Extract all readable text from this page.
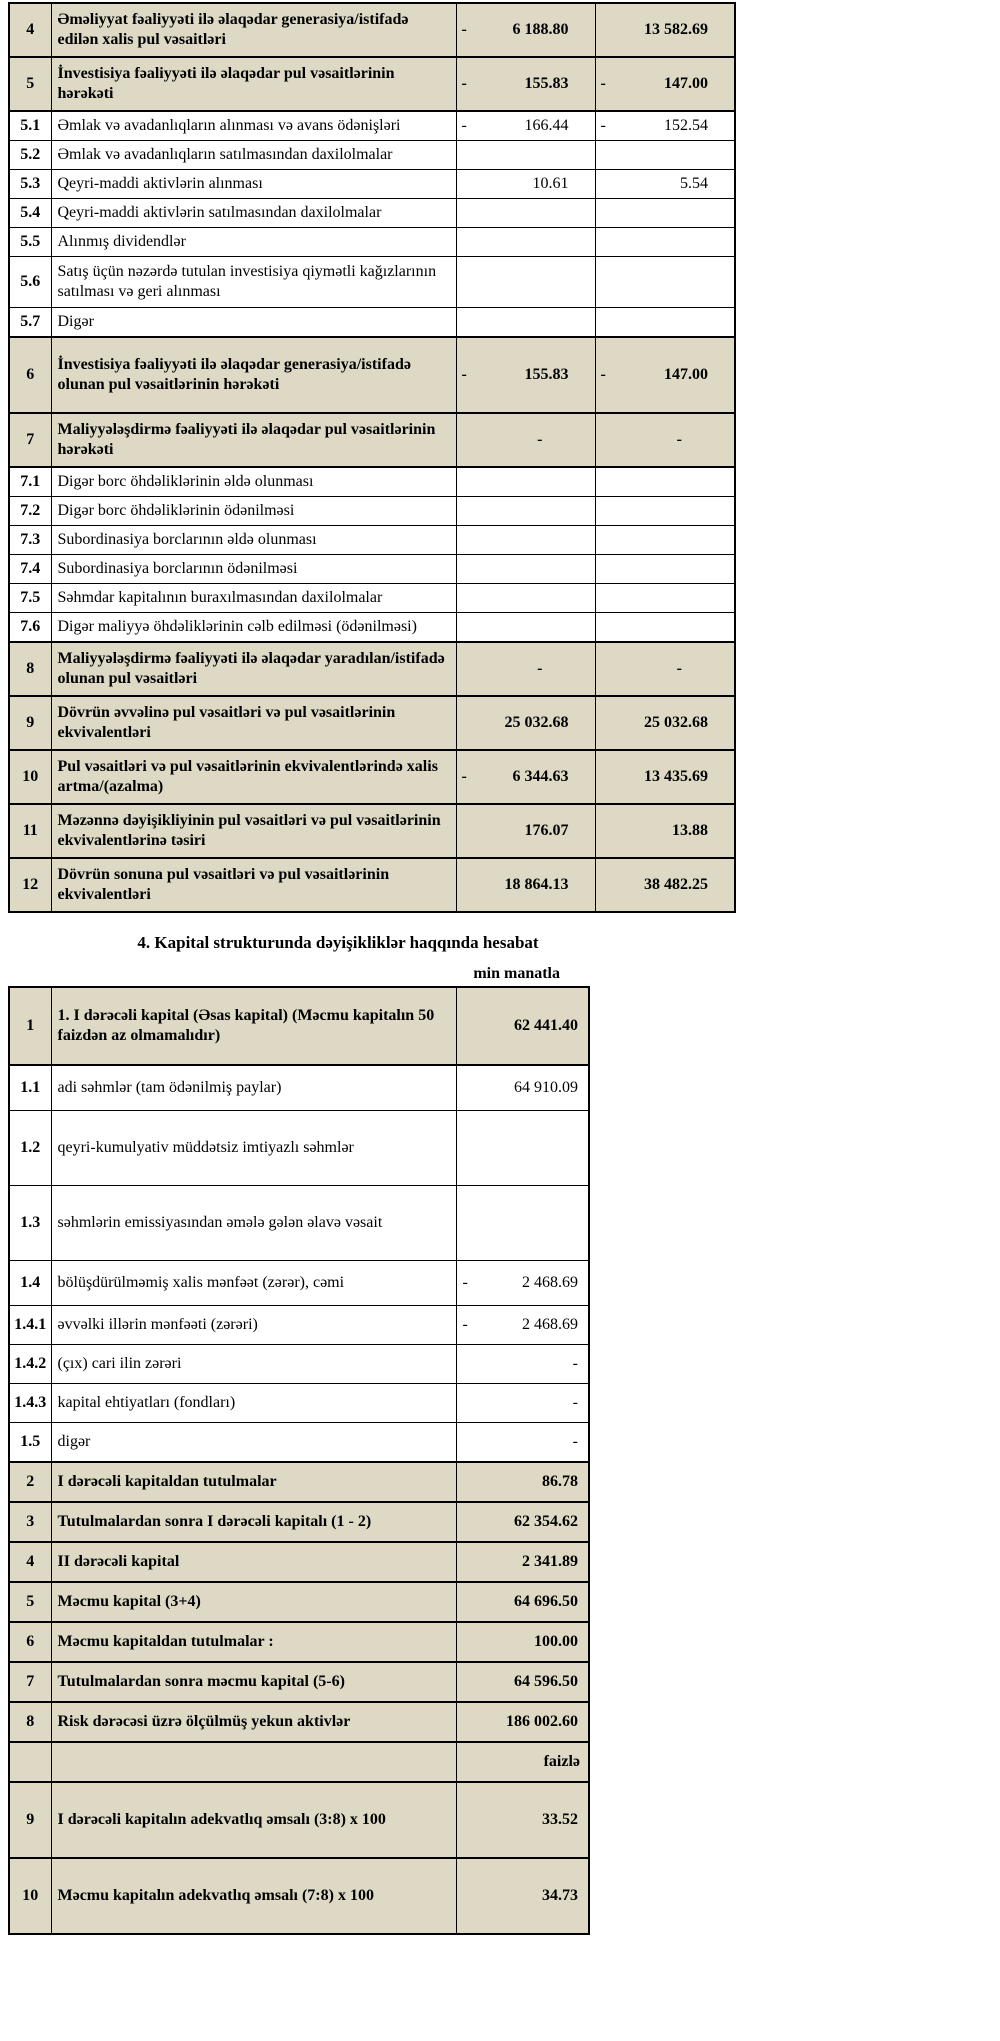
4	Əməliyyat fəaliyyəti ilə əlaqədar generasiya/istifadə edilən xalis pul vəsaitləri	- 6 188.80	13 582.69

5	İnvestisiya fəaliyyəti ilə əlaqədar pul vəsaitlərinin hərəkəti	- 155.83	- 147.00

5.1	Əmlak və avadanlıqların alınması və avans ödənişləri	- 166.44	- 152.54

5.2	Əmlak və avadanlıqların satılmasından daxilolmalar	

5.3	Qeyri-maddi aktivlərin alınması	10.61	5.54

5.4	Qeyri-maddi aktivlərin satılmasından daxilolmalar	

5.5	Alınmış dividendlər	

5.6	Satış üçün nəzərdə tutulan investisiya qiymətli kağızlarının satılması və geri alınması	

5.7	Digər	

6	İnvestisiya fəaliyyəti ilə əlaqədar generasiya/istifadə olunan pul vəsaitlərinin hərəkəti	- 155.83	- 147.00

7	Maliyyələşdirmə fəaliyyəti ilə əlaqədar pul vəsaitlərinin hərəkəti	-	-

7.1	Digər borc öhdəliklərinin əldə olunması	

7.2	Digər borc öhdəliklərinin ödənilməsi	

7.3	Subordinasiya borclarının əldə olunması	

7.4	Subordinasiya borclarının ödənilməsi	

7.5	Səhmdar kapitalının buraxılmasından daxilolmalar	

7.6	Digər maliyyə öhdəliklərinin cəlb edilməsi (ödənilməsi)	

8	Maliyyələşdirmə fəaliyyəti ilə əlaqədar yaradılan/istifadə olunan pul vəsaitləri	-	-

9	Dövrün əvvəlinə pul vəsaitləri və pul vəsaitlərinin ekvivalentləri	25 032.68	25 032.68

10	Pul vəsaitləri və pul vəsaitlərinin ekvivalentlərində xalis artma/(azalma)	- 6 344.63	13 435.69

11	Məzənnə dəyişikliyinin pul vəsaitləri və pul vəsaitlərinin ekvivalentlərinə təsiri	176.07	13.88

12	Dövrün sonuna pul vəsaitləri və pul vəsaitlərinin ekvivalentləri	18 864.13	38 482.25
4. Kapital strukturunda dəyişikliklər haqqında hesabat
min manatla
1	1. I dərəcəli kapital (Əsas kapital) (Məcmu kapitalın 50 faizdən az olmamalıdır)	62 441.40

1.1	adi səhmlər (tam ödənilmiş paylar)	64 910.09

1.2	qeyri-kumulyativ müddətsiz imtiyazlı səhmlər	

1.3	səhmlərin emissiyasından əmələ gələn əlavə vəsait	

1.4	bölüşdürülməmiş xalis mənfəət (zərər), cəmi	- 2 468.69

1.4.1	əvvəlki illərin mənfəəti (zərəri)	- 2 468.69

1.4.2	(çıx) cari ilin zərəri	-

1.4.3	kapital ehtiyatları (fondları)	-

1.5	digər	-

2	I dərəcəli kapitaldan tutulmalar	86.78

3	Tutulmalardan sonra I dərəcəli kapitalı (1 - 2)	62 354.62

4	II dərəcəli kapital	2 341.89

5	Məcmu kapital (3+4)	64 696.50

6	Məcmu kapitaldan tutulmalar :	100.00

7	Tutulmalardan sonra məcmu kapital (5-6)	64 596.50

8	Risk dərəcəsi üzrə ölçülmüş yekun aktivlər	186 002.60

		faizlə
9	I dərəcəli kapitalın adekvatlıq əmsalı (3:8) x 100	33.52

10	Məcmu kapitalın adekvatlıq əmsalı (7:8) x 100	34.73
